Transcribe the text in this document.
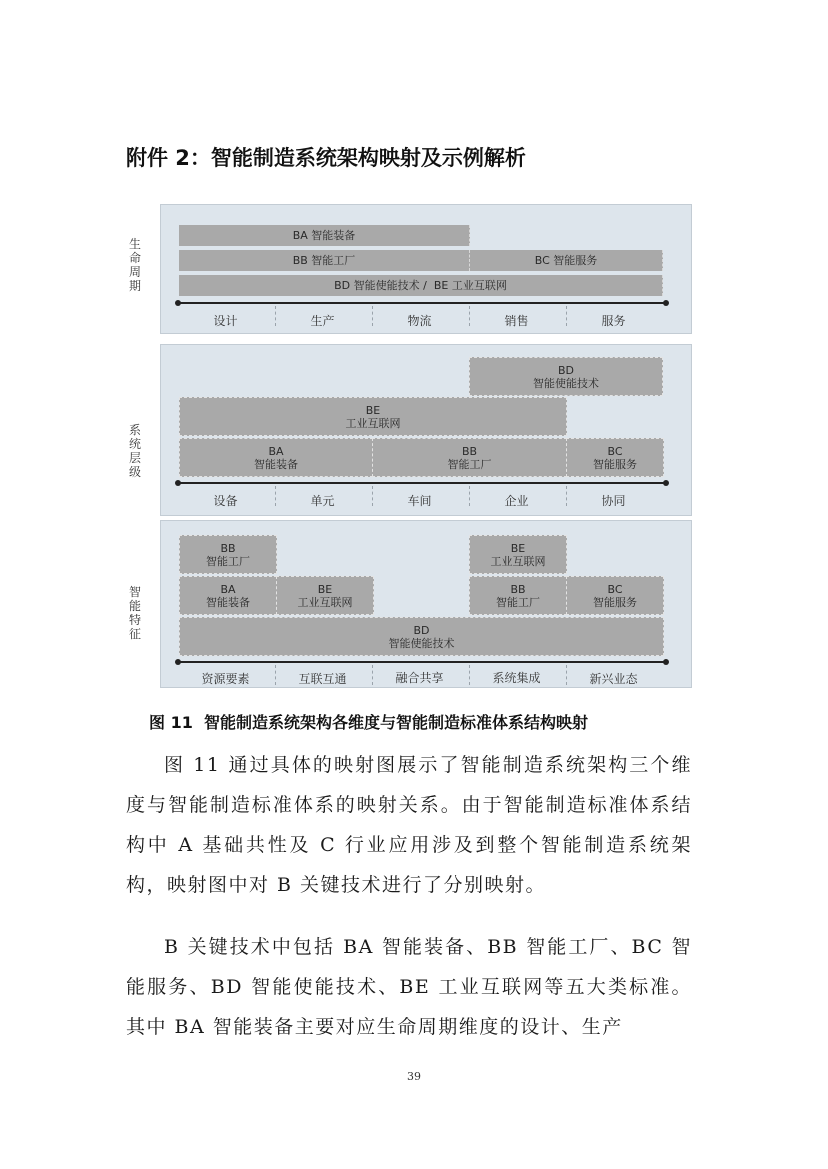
附件 2：智能制造系统架构映射及示例解析
生
命
周
期
BA 智能装备
BB 智能工厂	BC 智能服务
BD 智能使能技术 /  BE 工业互联网
设计	生产	物流	销售	服务
系
统
层
级
BD
智能使能技术
BE
工业互联网
BA
智能装备
BB
智能工厂
BC
智能服务
设备	单元	车间	企业	协同
智
能
特
征
BB
智能工厂
BA
智能装备
BE
工业互联网
BE
工业互联网
BB
智能工厂
BC
智能服务
BD
智能使能技术
资源要素	互联互通	融合共享	系统集成	新兴业态
图 11  智能制造系统架构各维度与智能制造标准体系结构映射

图 11 通过具体的映射图展示了智能制造系统架构三个维度与智能制造标准体系的映射关系。由于智能制造标准体系结构中 A 基础共性及 C 行业应用涉及到整个智能制造系统架构，映射图中对 B 关键技术进行了分别映射。

B 关键技术中包括 BA 智能装备、BB 智能工厂、BC 智能服务、BD 智能使能技术、BE 工业互联网等五大类标准。其中 BA 智能装备主要对应生命周期维度的设计、生产

39
